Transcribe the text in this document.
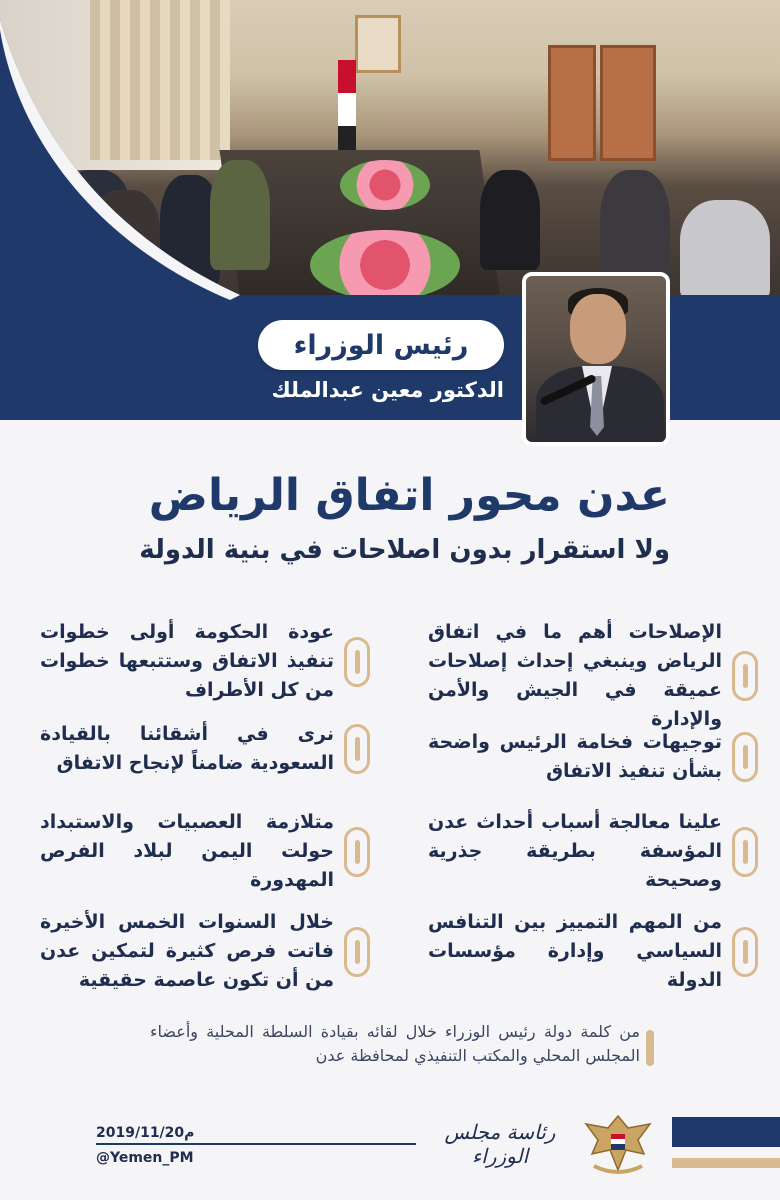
رئيس الوزراء
الدكتور معين عبدالملك
عدن محور اتفاق الرياض
ولا استقرار بدون اصلاحات في بنية الدولة
الإصلاحات أهم ما في اتفاق الرياض وينبغي إحداث إصلاحات عميقة في الجيش والأمن والإدارة
توجيهات فخامة الرئيس واضحة بشأن تنفيذ الاتفاق
علينا معالجة أسباب أحداث عدن المؤسفة بطريقة جذرية وصحيحة
من المهم التمييز بين التنافس السياسي وإدارة مؤسسات الدولة
عودة الحكومة أولى خطوات تنفيذ الاتفاق وستتبعها خطوات من كل الأطراف
نرى في أشقائنا بالقيادة السعودية ضامناً لإنجاح الاتفاق
متلازمة العصبيات والاستبداد حولت اليمن لبلاد الفرص المهدورة
خلال السنوات الخمس الأخيرة فاتت فرص كثيرة لتمكين عدن من أن تكون عاصمة حقيقية
من كلمة دولة رئيس الوزراء خلال لقائه بقيادة السلطة المحلية وأعضاء المجلس المحلي والمكتب التنفيذي لمحافظة عدن
2019/11/20م
@Yemen_PM
رئاسة مجلس الوزراء
